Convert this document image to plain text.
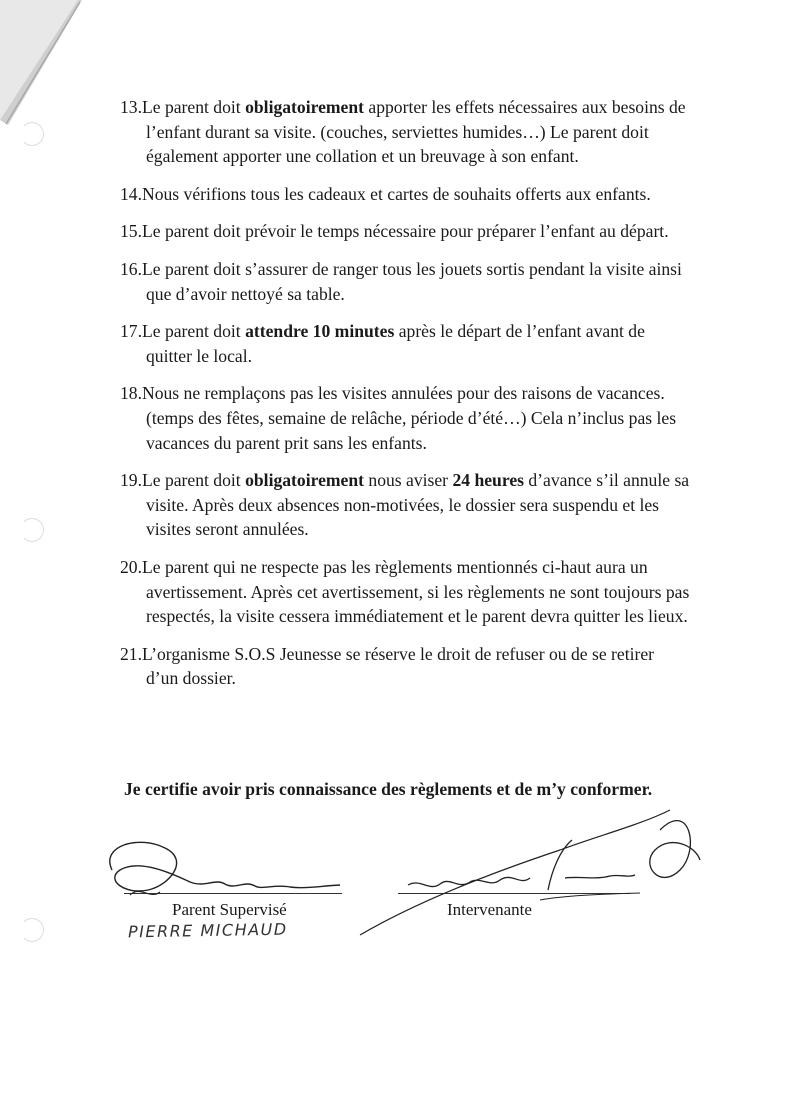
13.Le parent doit obligatoirement apporter les effets nécessaires aux besoins de l’enfant durant sa visite. (couches, serviettes humides…) Le parent doit également apporter une collation et un breuvage à son enfant.
14.Nous vérifions tous les cadeaux et cartes de souhaits offerts aux enfants.
15.Le parent doit prévoir le temps nécessaire pour préparer l’enfant au départ.
16.Le parent doit s’assurer de ranger tous les jouets sortis pendant la visite ainsi que d’avoir nettoyé sa table.
17.Le parent doit attendre 10 minutes après le départ de l’enfant avant de quitter le local.
18.Nous ne remplaçons pas les visites annulées pour des raisons de vacances. (temps des fêtes, semaine de relâche, période d’été…) Cela n’inclus pas les vacances du parent prit sans les enfants.
19.Le parent doit obligatoirement nous aviser 24 heures d’avance s’il annule sa visite. Après deux absences non-motivées, le dossier sera suspendu et les visites seront annulées.
20.Le parent qui ne respecte pas les règlements mentionnés ci-haut aura un avertissement. Après cet avertissement, si les règlements ne sont toujours pas respectés, la visite cessera immédiatement et le parent devra quitter les lieux.
21.L’organisme S.O.S Jeunesse se réserve le droit de refuser ou de se retirer d’un dossier.

Je certifie avoir pris connaissance des règlements et de m’y conformer.

Parent Supervisé	Intervenante

PIERRE MICHAUD
